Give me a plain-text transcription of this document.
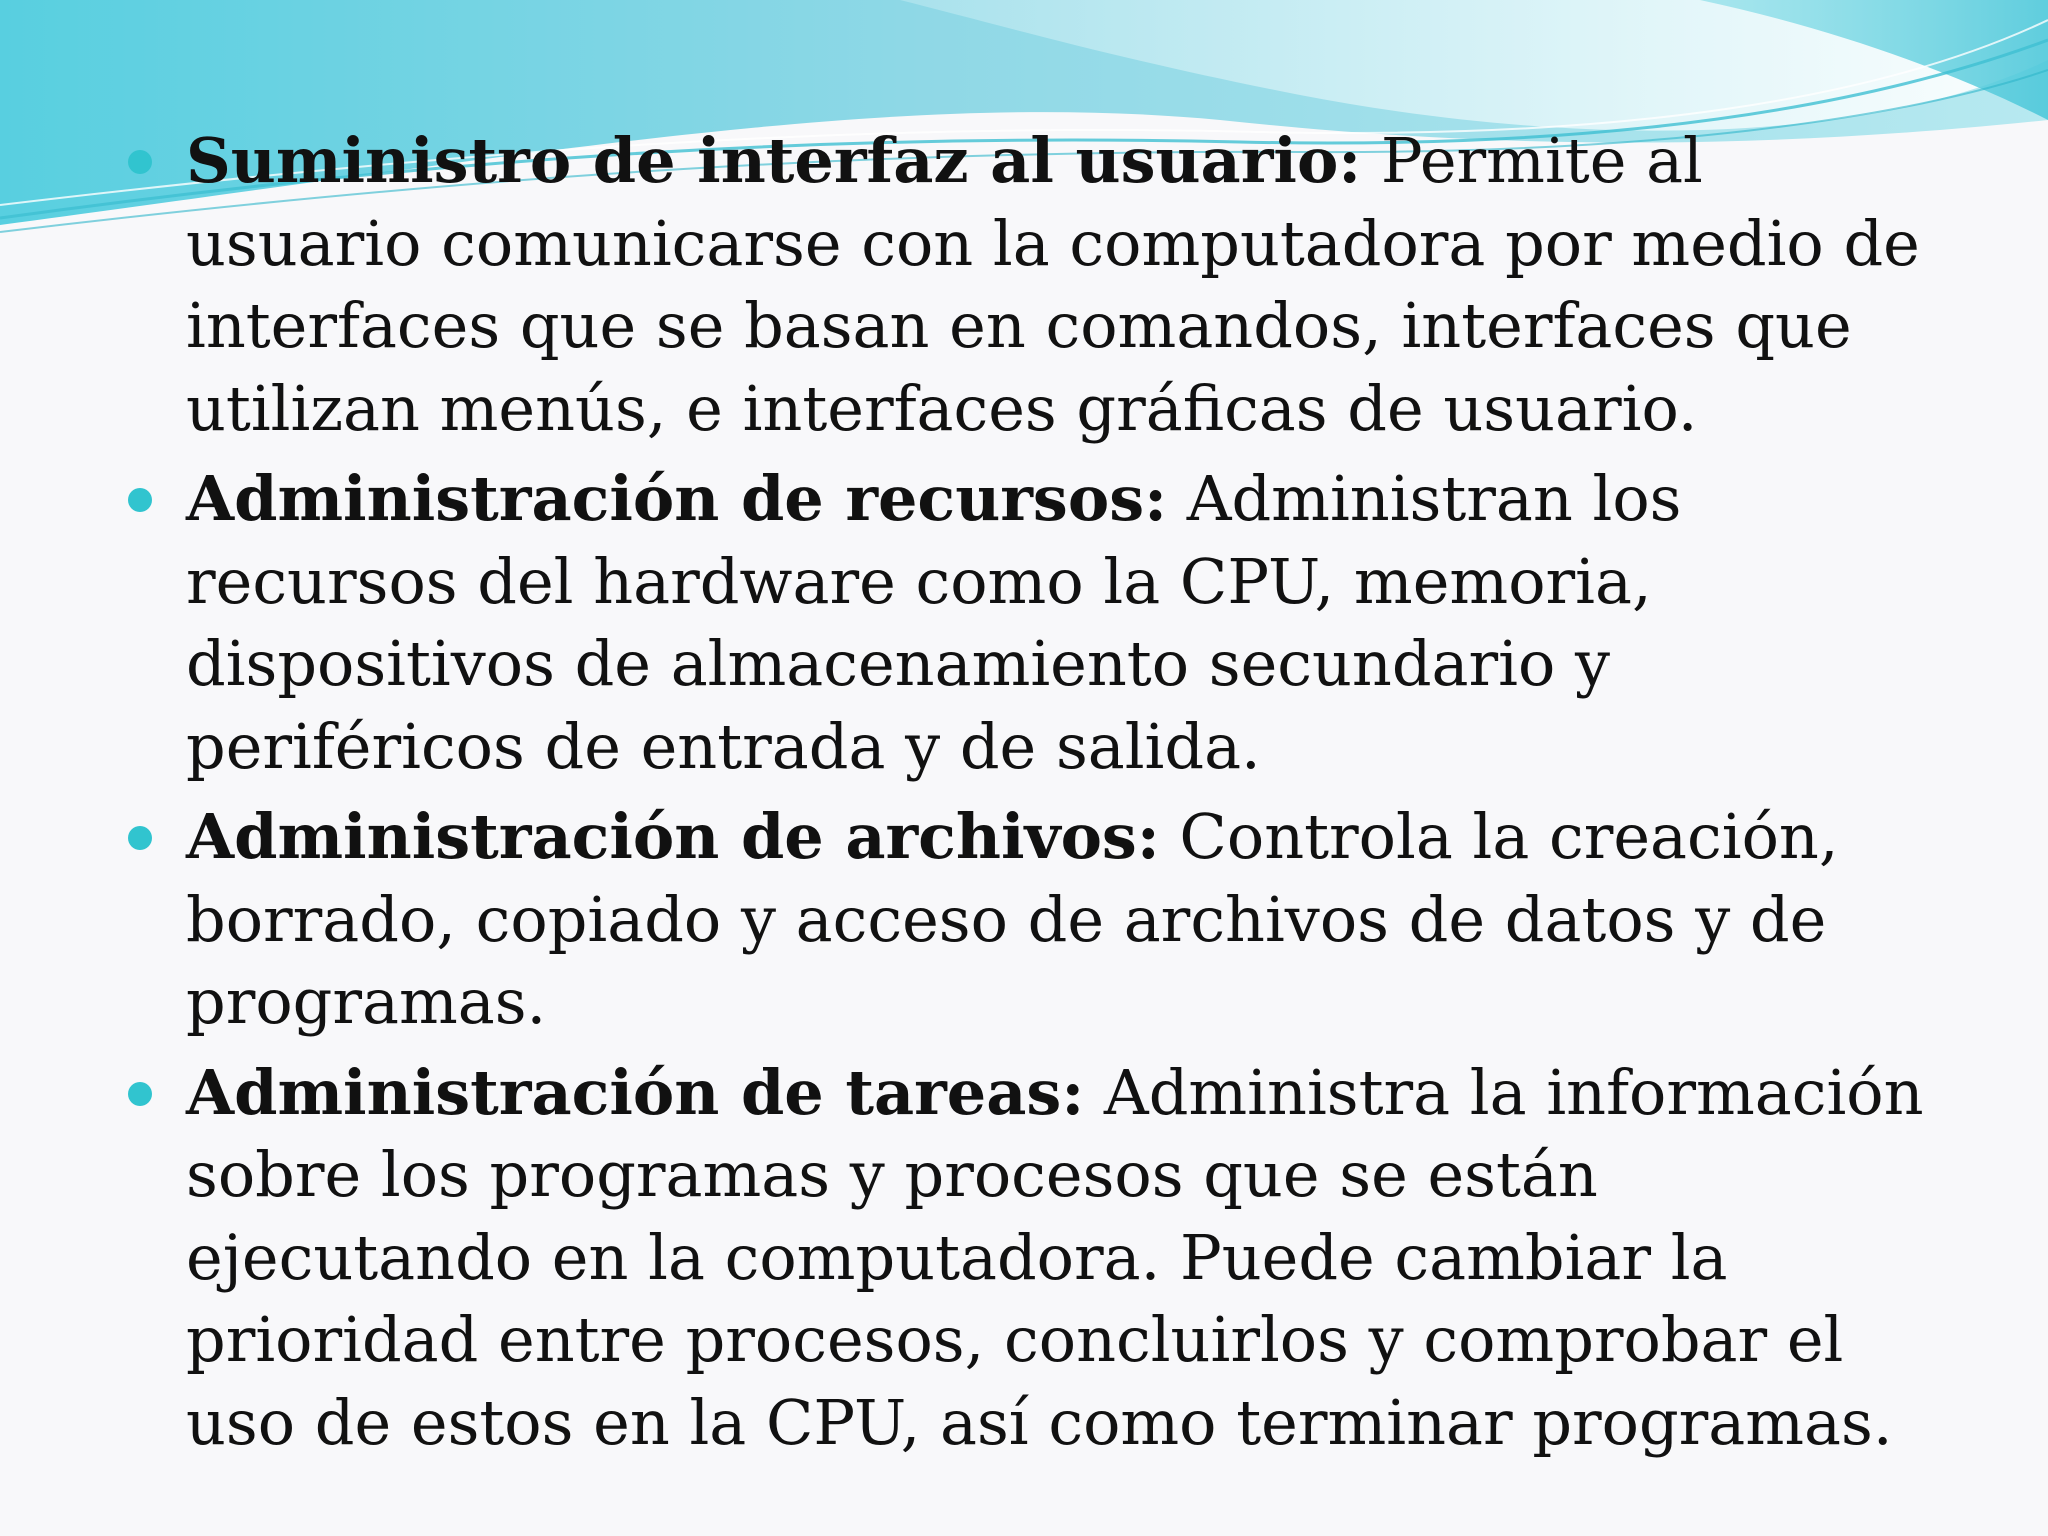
Suministro de interfaz al usuario: Permite al usuario comunicarse con la computadora por medio de interfaces que se basan en comandos, interfaces que utilizan menús, e interfaces gráficas de usuario.
Administración de recursos: Administran los recursos del hardware como la CPU, memoria, dispositivos de almacenamiento secundario y periféricos de entrada y de salida.
Administración de archivos: Controla la creación, borrado, copiado y acceso de archivos de datos y de programas.
Administración de tareas: Administra la información sobre los programas y procesos que se están ejecutando en la computadora. Puede cambiar la prioridad entre procesos, concluirlos y comprobar el uso de estos en la CPU, así como terminar programas.
